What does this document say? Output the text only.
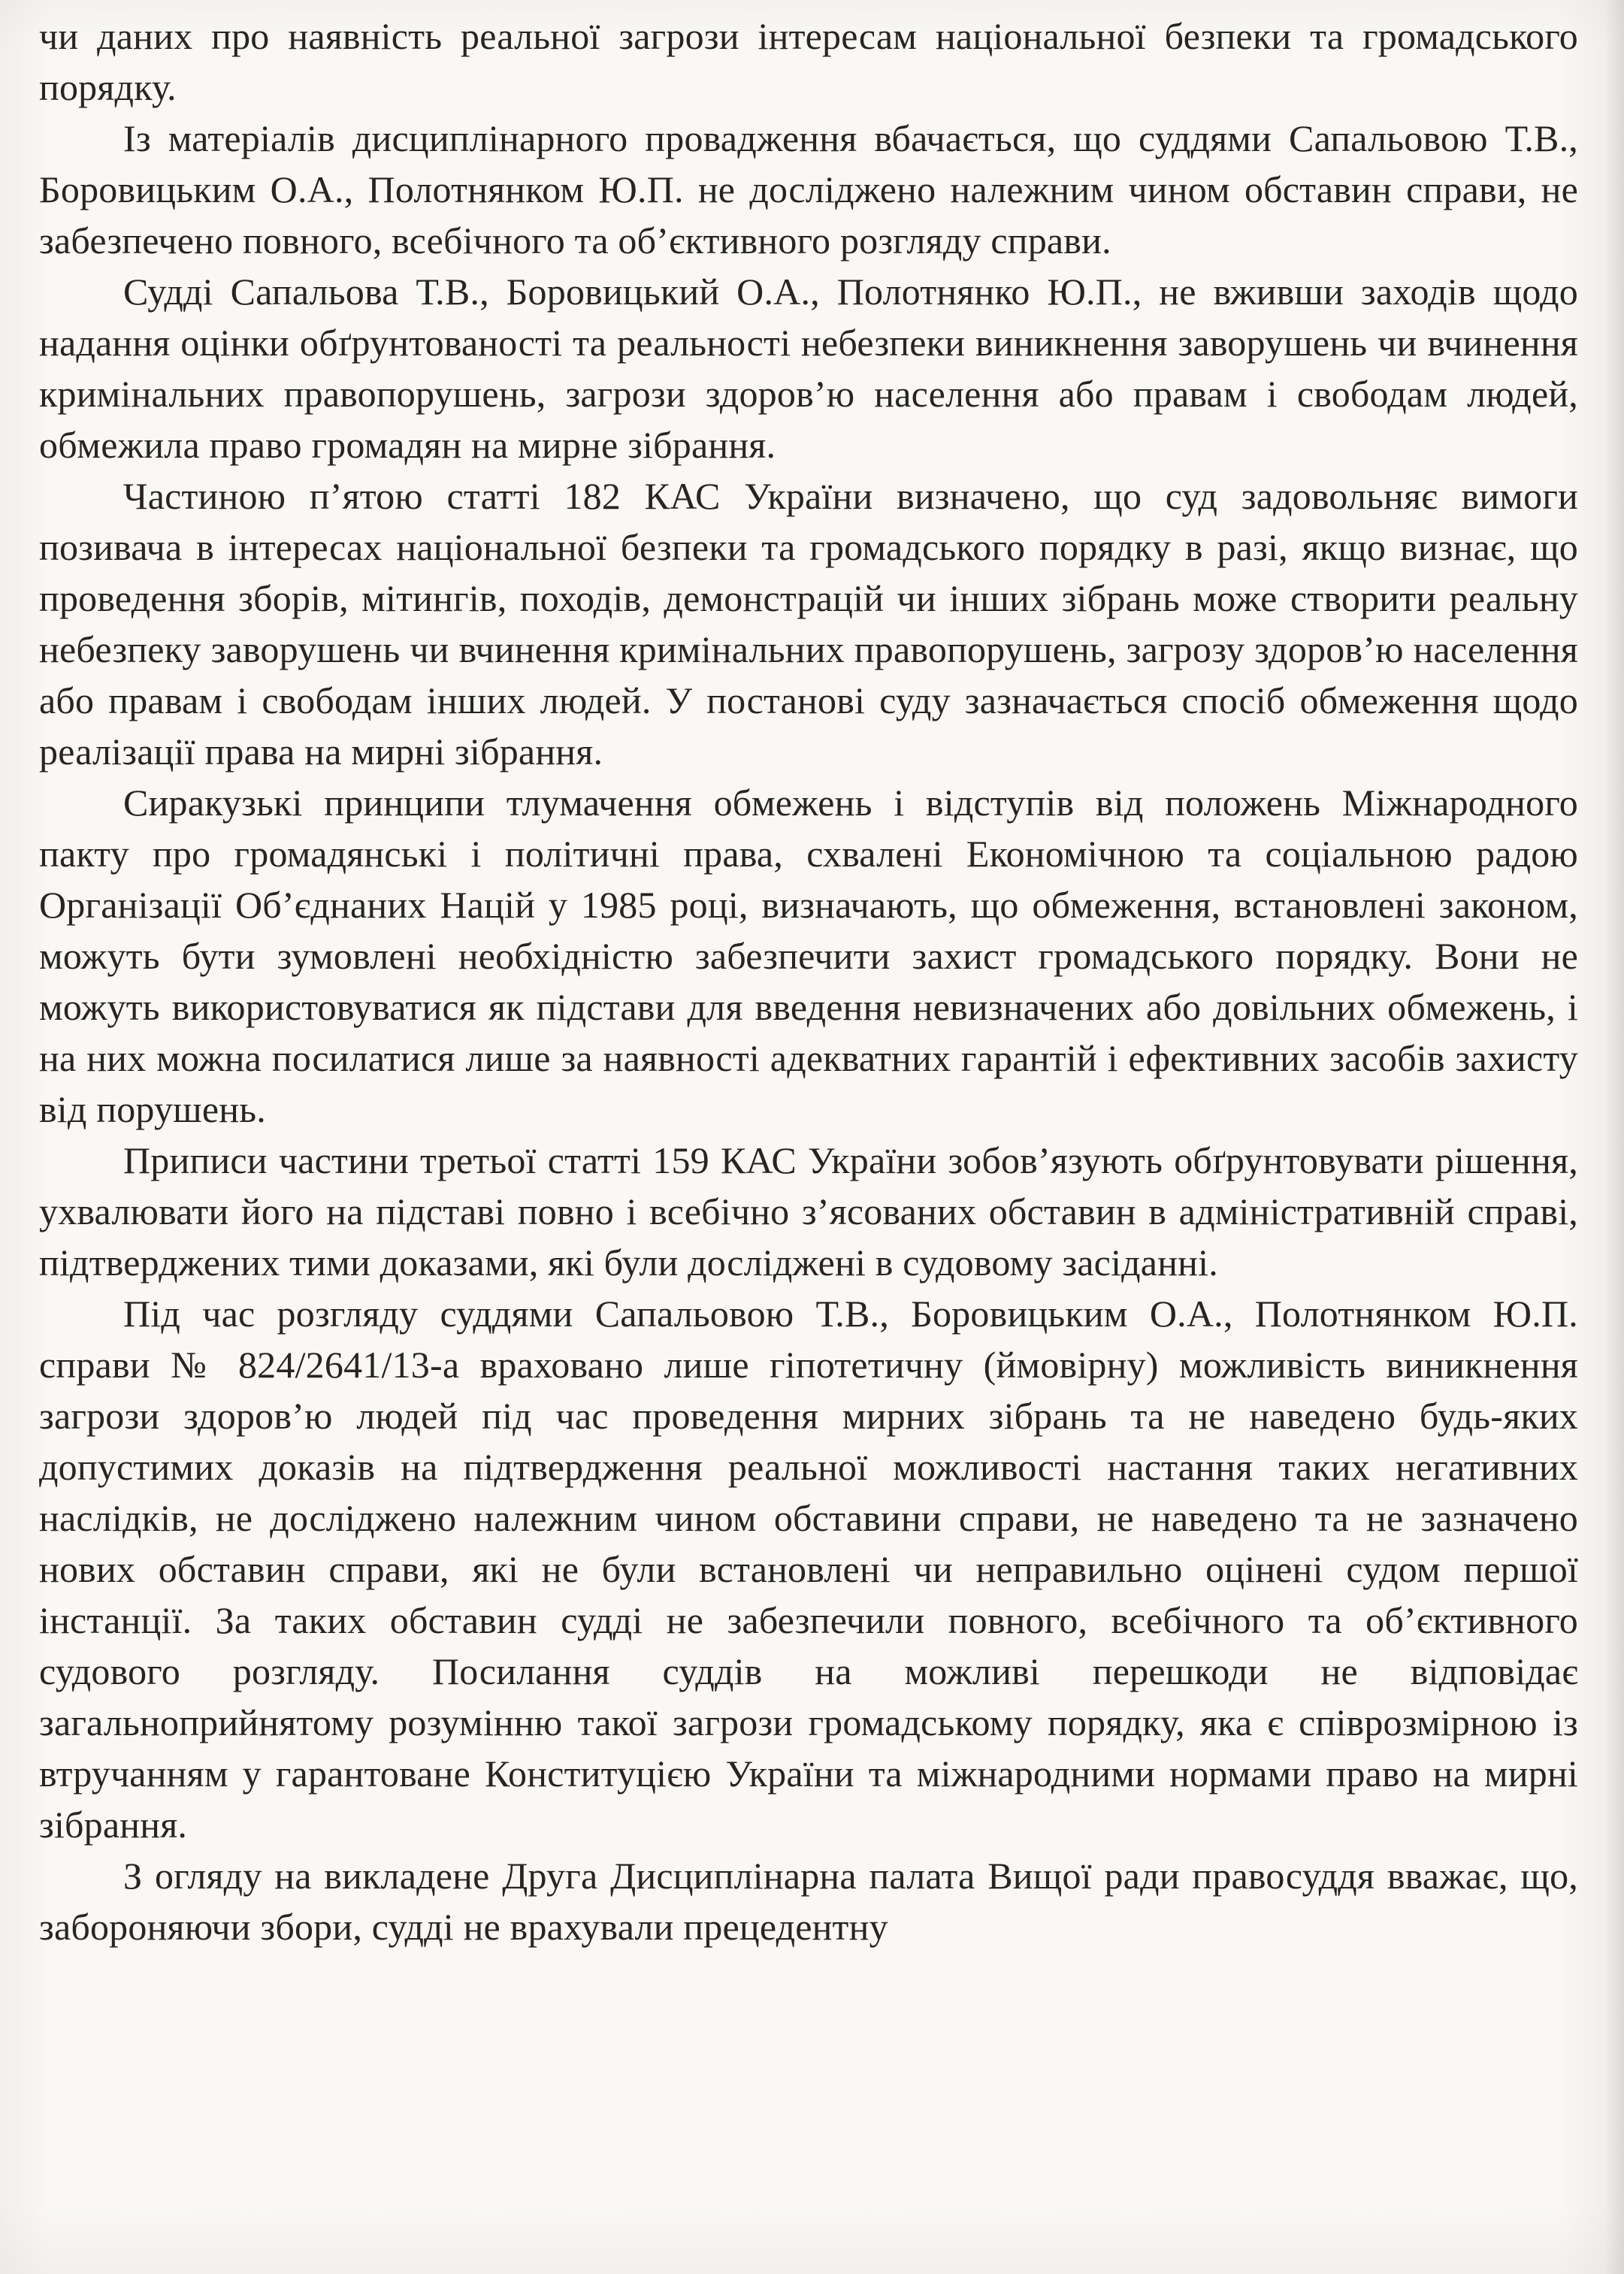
чи даних про наявність реальної загрози інтересам національної безпеки та громадського порядку.

Із матеріалів дисциплінарного провадження вбачається, що суддями Сапальовою Т.В., Боровицьким О.А., Полотнянком Ю.П. не досліджено належним чином обставин справи, не забезпечено повного, всебічного та об’єктивного розгляду справи.

Судді Сапальова Т.В., Боровицький О.А., Полотнянко Ю.П., не вживши заходів щодо надання оцінки обґрунтованості та реальності небезпеки виникнення заворушень чи вчинення кримінальних правопорушень, загрози здоров’ю населення або правам і свободам людей, обмежила право громадян на мирне зібрання.

Частиною п’ятою статті 182 КАС України визначено, що суд задовольняє вимоги позивача в інтересах національної безпеки та громадського порядку в разі, якщо визнає, що проведення зборів, мітингів, походів, демонстрацій чи інших зібрань може створити реальну небезпеку заворушень чи вчинення кримінальних правопорушень, загрозу здоров’ю населення або правам і свободам інших людей. У постанові суду зазначається спосіб обмеження щодо реалізації права на мирні зібрання.

Сиракузькі принципи тлумачення обмежень і відступів від положень Міжнародного пакту про громадянські і політичні права, схвалені Економічною та соціальною радою Організації Об’єднаних Націй у 1985 році, визначають, що обмеження, встановлені законом, можуть бути зумовлені необхідністю забезпечити захист громадського порядку. Вони не можуть використовуватися як підстави для введення невизначених або довільних обмежень, і на них можна посилатися лише за наявності адекватних гарантій і ефективних засобів захисту від порушень.

Приписи частини третьої статті 159 КАС України зобов’язують обґрунтовувати рішення, ухвалювати його на підставі повно і всебічно з’ясованих обставин в адміністративній справі, підтверджених тими доказами, які були досліджені в судовому засіданні.

Під час розгляду суддями Сапальовою Т.В., Боровицьким О.А., Полотнянком Ю.П. справи № 824/2641/13-а враховано лише гіпотетичну (ймовірну) можливість виникнення загрози здоров’ю людей під час проведення мирних зібрань та не наведено будь-яких допустимих доказів на підтвердження реальної можливості настання таких негативних наслідків, не досліджено належним чином обставини справи, не наведено та не зазначено нових обставин справи, які не були встановлені чи неправильно оцінені судом першої інстанції. За таких обставин судді не забезпечили повного, всебічного та об’єктивного судового розгляду. Посилання суддів на можливі перешкоди не відповідає загальноприйнятому розумінню такої загрози громадському порядку, яка є співрозмірною із втручанням у гарантоване Конституцією України та міжнародними нормами право на мирні зібрання.

З огляду на викладене Друга Дисциплінарна палата Вищої ради правосуддя вважає, що, забороняючи збори, судді не врахували прецедентну
